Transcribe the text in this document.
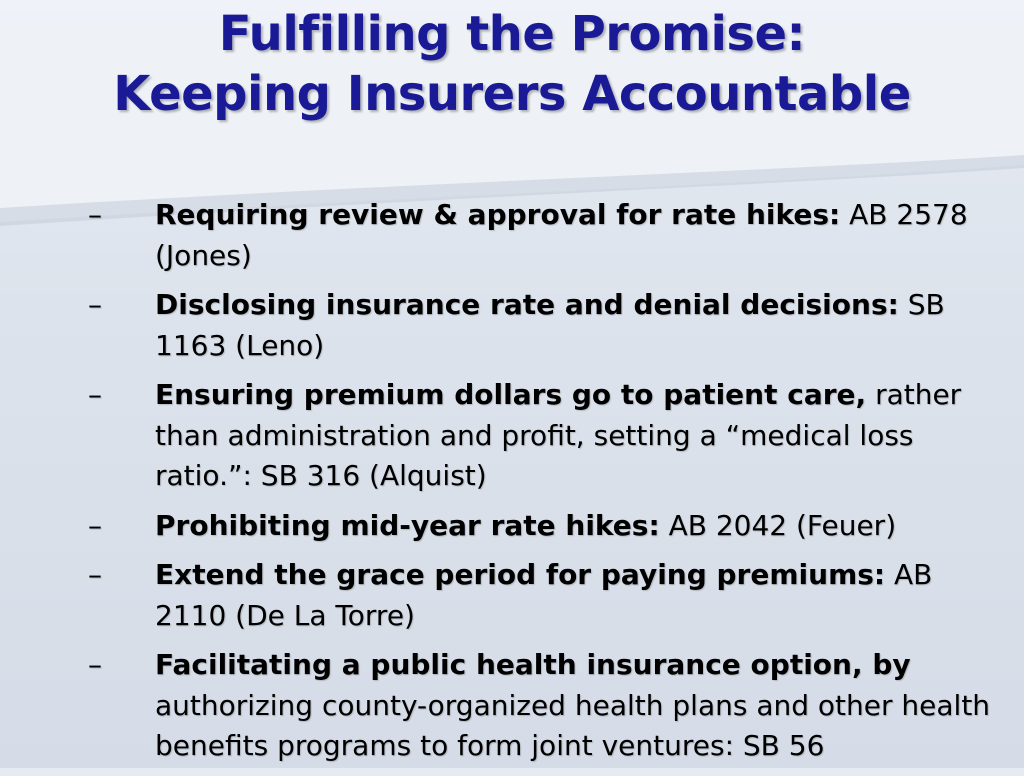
Fulfilling the Promise:
Keeping Insurers Accountable
– Requiring review & approval for rate hikes: AB 2578 (Jones)
– Disclosing insurance rate and denial decisions: SB 1163 (Leno)
– Ensuring premium dollars go to patient care, rather than administration and profit, setting a “medical loss ratio.”: SB 316 (Alquist)
– Prohibiting mid-year rate hikes: AB 2042 (Feuer)
– Extend the grace period for paying premiums: AB 2110 (De La Torre)
– Facilitating a public health insurance option, by authorizing county-organized health plans and other health benefits programs to form joint ventures: SB 56
